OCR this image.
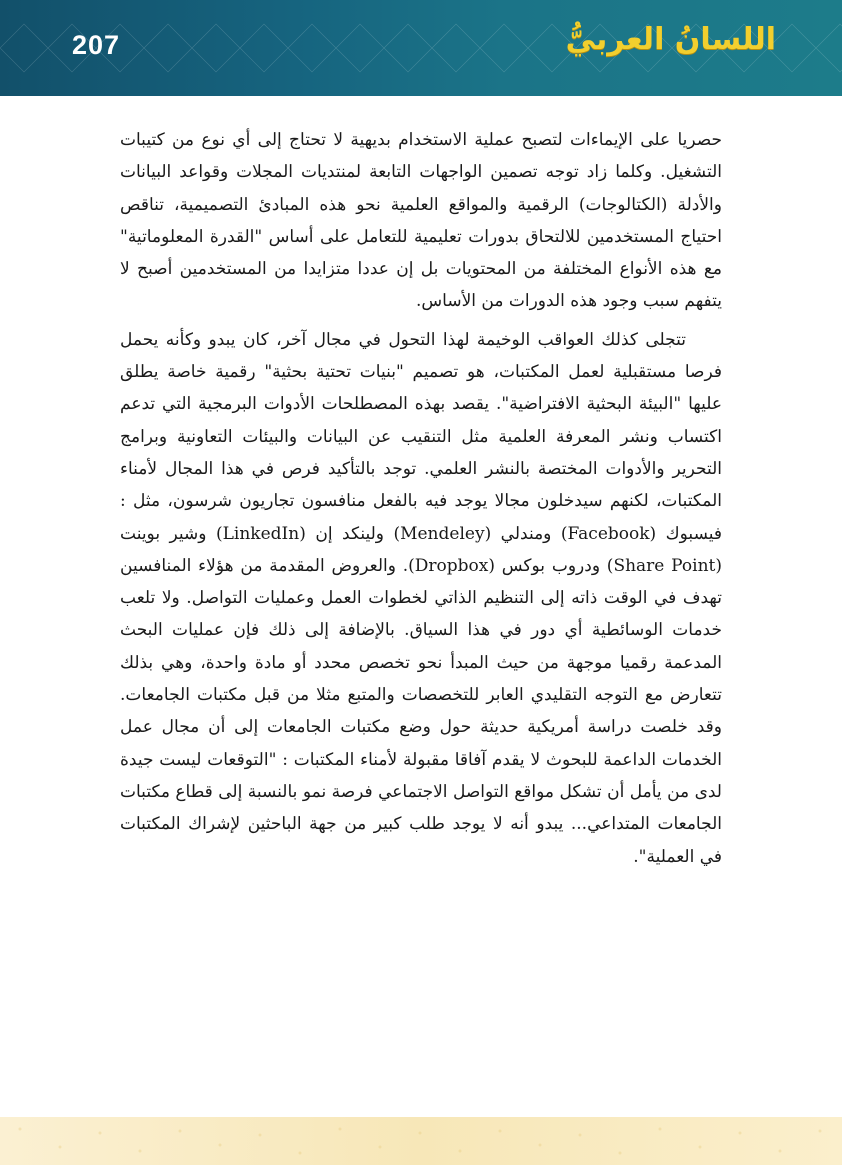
207	اللسانُ العربيُّ

حصريا على الإيماءات لتصبح عملية الاستخدام بديهية لا تحتاج إلى أي نوع من كتيبات التشغيل. وكلما زاد توجه تصمين الواجهات التابعة لمنتديات المجلات وقواعد البيانات والأدلة (الكتالوجات) الرقمية والمواقع العلمية نحو هذه المبادئ التصميمية، تناقص احتياج المستخدمين للالتحاق بدورات تعليمية للتعامل على أساس "القدرة المعلوماتية" مع هذه الأنواع المختلفة من المحتويات بل إن عددا متزايدا من المستخدمين أصبح لا يتفهم سبب وجود هذه الدورات من الأساس.

تتجلى كذلك العواقب الوخيمة لهذا التحول في مجال آخر، كان يبدو وكأنه يحمل فرصا مستقبلية لعمل المكتبات، هو تصميم "بنيات تحتية بحثية" رقمية خاصة يطلق عليها "البيئة البحثية الافتراضية". يقصد بهذه المصطلحات الأدوات البرمجية التي تدعم اكتساب ونشر المعرفة العلمية مثل التنقيب عن البيانات والبيئات التعاونية وبرامج التحرير والأدوات المختصة بالنشر العلمي. توجد بالتأكيد فرص في هذا المجال لأمناء المكتبات، لكنهم سيدخلون مجالا يوجد فيه بالفعل منافسون تجاريون شرسون، مثل : فيسبوك (Facebook) ومندلي (Mendeley) ولينكد إن (LinkedIn) وشير بوينت (Share Point) ودروب بوكس (Dropbox). والعروض المقدمة من هؤلاء المنافسين تهدف في الوقت ذاته إلى التنظيم الذاتي لخطوات العمل وعمليات التواصل. ولا تلعب خدمات الوسائطية أي دور في هذا السياق. بالإضافة إلى ذلك فإن عمليات البحث المدعمة رقميا موجهة من حيث المبدأ نحو تخصص محدد أو مادة واحدة، وهي بذلك تتعارض مع التوجه التقليدي العابر للتخصصات والمتبع مثلا من قبل مكتبات الجامعات. وقد خلصت دراسة أمريكية حديثة حول وضع مكتبات الجامعات إلى أن مجال عمل الخدمات الداعمة للبحوث لا يقدم آفاقا مقبولة لأمناء المكتبات : "التوقعات ليست جيدة لدى من يأمل أن تشكل مواقع التواصل الاجتماعي فرصة نمو بالنسبة إلى قطاع مكتبات الجامعات المتداعي... يبدو أنه لا يوجد طلب كبير من جهة الباحثين لإشراك المكتبات في العملية".
